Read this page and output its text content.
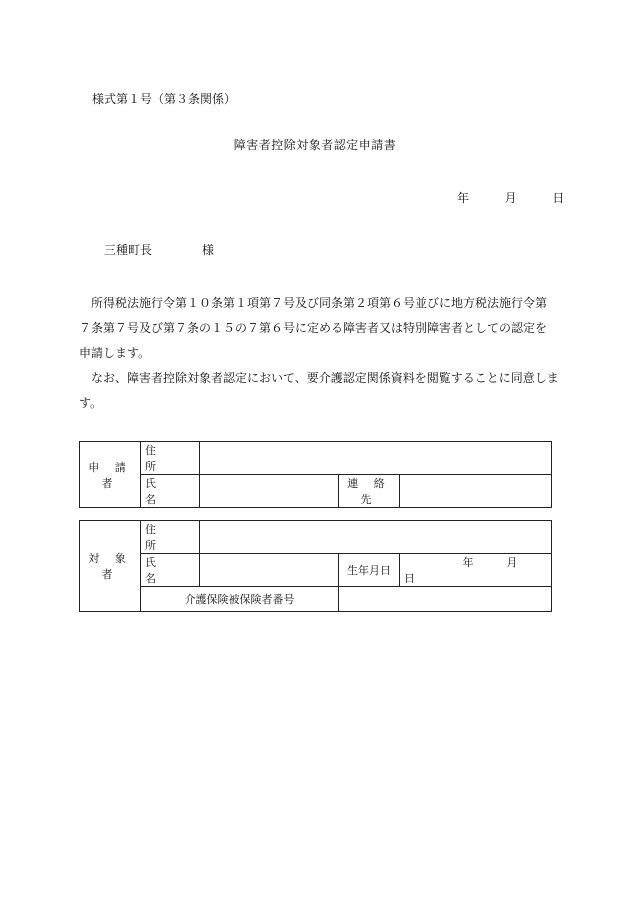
様式第１号（第３条関係）
障害者控除対象者認定申請書
年	月	日
三種町長	様

所得税法施行令第１０条第１項第７号及び同条第２項第６号並びに地方税法施行令第

７条第７号及び第７条の１５の７第６号に定める障害者又は特別障害者としての認定を

申請します。

なお、障害者控除対象者認定において、要介護認定関係資料を閲覧することに同意しま

す。

申 請 者	住所			
	氏名		連 絡 先	
対 象 者	住所			
	氏名		生年月日	年 月  日
	介護保険被保険者番号			
